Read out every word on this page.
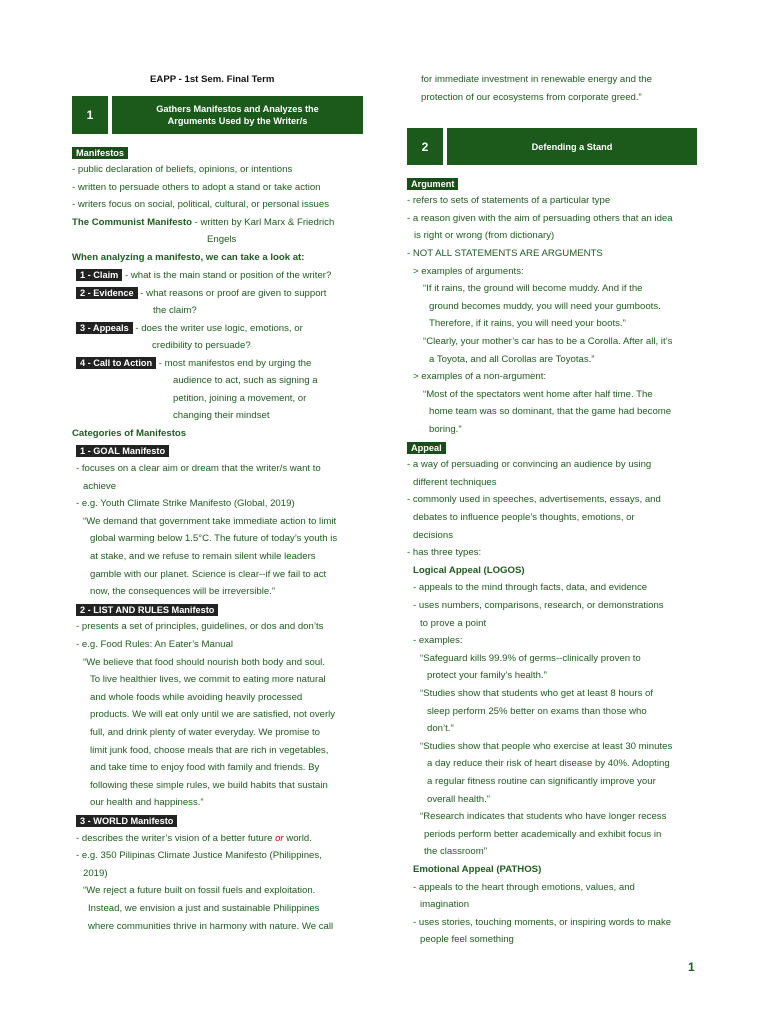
EAPP - 1st Sem. Final Term
1	Gathers Manifestos and Analyzes the
Arguments Used by the Writer/s
2	Defending a Stand
Manifestos
- public declaration of beliefs, opinions, or intentions
- written to persuade others to adopt a stand or take action
- writers focus on social, political, cultural, or personal issues
The Communist Manifesto - written by Karl Marx & Friedrich
Engels
When analyzing a manifesto, we can take a look at:
1 - Claim - what is the main stand or position of the writer?
2 - Evidence - what reasons or proof are given to support
the claim?
3 - Appeals - does the writer use logic, emotions, or
credibility to persuade?
4 - Call to Action - most manifestos end by urging the
audience to act, such as signing a
petition, joining a movement, or
changing their mindset
Categories of Manifestos
1 - GOAL Manifesto
- focuses on a clear aim or dream that the writer/s want to
achieve
- e.g. Youth Climate Strike Manifesto (Global, 2019)
“We demand that government take immediate action to limit
global warming below 1.5°C. The future of today’s youth is
at stake, and we refuse to remain silent while leaders
gamble with our planet. Science is clear--if we fail to act
now, the consequences will be irreversible.”
2 - LIST AND RULES Manifesto
- presents a set of principles, guidelines, or dos and don’ts
- e.g. Food Rules: An Eater’s Manual
“We believe that food should nourish both body and soul.
To live healthier lives, we commit to eating more natural
and whole foods while avoiding heavily processed
products. We will eat only until we are satisfied, not overly
full, and drink plenty of water everyday. We promise to
limit junk food, choose meals that are rich in vegetables,
and take time to enjoy food with family and friends. By
following these simple rules, we build habits that sustain
our health and happiness.”
3 - WORLD Manifesto
- describes the writer’s vision of a better future or world.
- e.g. 350 Pilipinas Climate Justice Manifesto (Philippines,
2019)
“We reject a future built on fossil fuels and exploitation.
Instead, we envision a just and sustainable Philippines
where communities thrive in harmony with nature. We call
for immediate investment in renewable energy and the
protection of our ecosystems from corporate greed.”
Argument
- refers to sets of statements of a particular type
- a reason given with the aim of persuading others that an idea
is right or wrong (from dictionary)
- NOT ALL STATEMENTS ARE ARGUMENTS
> examples of arguments:
“If it rains, the ground will become muddy. And if the
ground becomes muddy, you will need your gumboots.
Therefore, if it rains, you will need your boots.”
“Clearly, your mother’s car has to be a Corolla. After all, it’s
a Toyota, and all Corollas are Toyotas.”
> examples of a non-argument:
“Most of the spectators went home after half time. The
home team was so dominant, that the game had become
boring.”
Appeal
- a way of persuading or convincing an audience by using
different techniques
- commonly used in speeches, advertisements, essays, and
debates to influence people’s thoughts, emotions, or
decisions
- has three types:
Logical Appeal (LOGOS)
- appeals to the mind through facts, data, and evidence
- uses numbers, comparisons, research, or demonstrations
to prove a point
- examples:
“Safeguard kills 99.9% of germs--clinically proven to
protect your family’s health.”
“Studies show that students who get at least 8 hours of
sleep perform 25% better on exams than those who
don’t.”
“Studies show that people who exercise at least 30 minutes
a day reduce their risk of heart disease by 40%. Adopting
a regular fitness routine can significantly improve your
overall health.”
“Research indicates that students who have longer recess
periods perform better academically and exhibit focus in
the classroom”
Emotional Appeal (PATHOS)
- appeals to the heart through emotions, values, and
imagination
- uses stories, touching moments, or inspiring words to make
people feel something
1
